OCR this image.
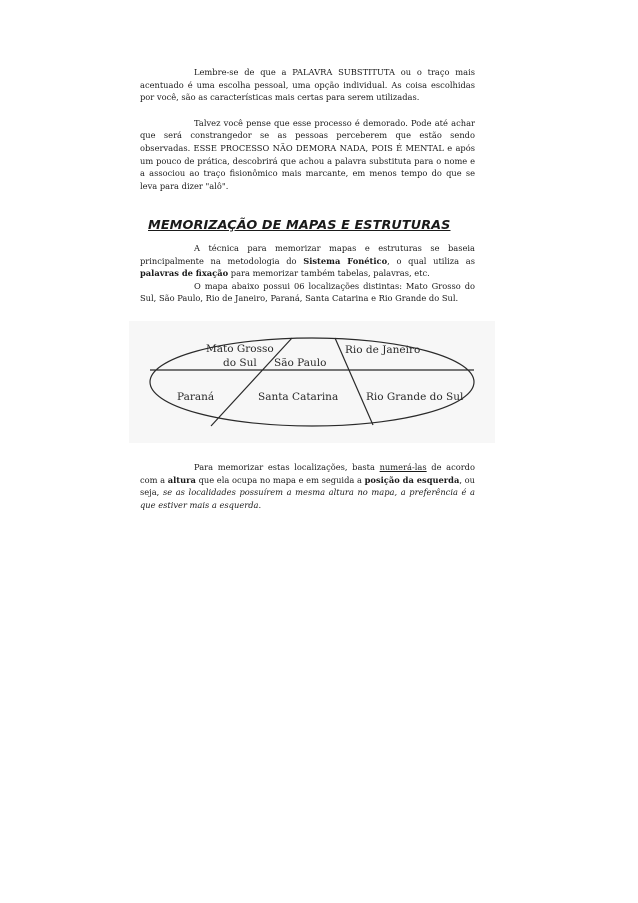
Lembre-se de que a PALAVRA SUBSTITUTA ou o traço mais acentuado é uma escolha pessoal, uma opção individual. As coisa escolhidas por você, são as características mais certas para serem utilizadas.

Talvez você pense que esse processo é demorado. Pode até achar que será constrangedor se as pessoas perceberem que estão sendo observadas. ESSE PROCESSO NÃO DEMORA NADA, POIS É MENTAL e após um pouco de prática, descobrirá que achou a palavra substituta para o nome e a associou ao traço fisionômico mais marcante, em menos tempo do que se leva para dizer "alô".

MEMORIZAÇÃO DE MAPAS E ESTRUTURAS

A técnica para memorizar mapas e estruturas se baseia principalmente na metodologia do Sistema Fonético, o qual utiliza as palavras de fixação para memorizar também tabelas, palavras, etc.

O mapa abaixo possui 06 localizações distintas: Mato Grosso do Sul, São Paulo, Rio de Janeiro, Paraná, Santa Catarina e Rio Grande do Sul.

Mato Grosso
do Sul São Paulo
Rio de Janeiro
Paraná	Santa Catarina	Rio Grande do Sul

Para memorizar estas localizações, basta numerá-las de acordo com a altura que ela ocupa no mapa e em seguida a posição da esquerda, ou seja, se as localidades possuírem a mesma altura no mapa, a preferência é a que estiver mais a esquerda.
